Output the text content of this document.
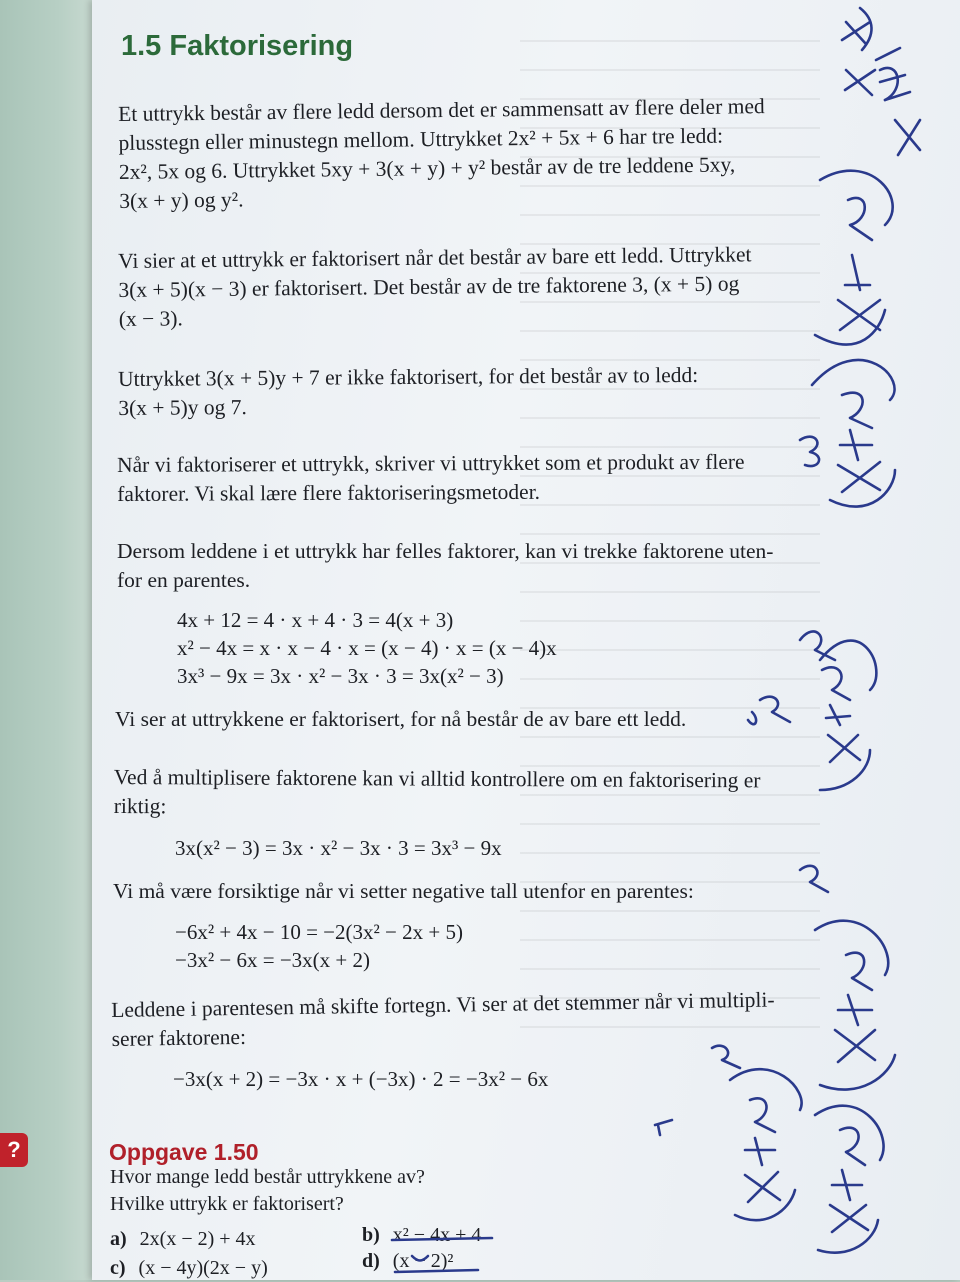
?
1.5 Faktorisering
Et uttrykk består av flere ledd dersom det er sammensatt av flere deler med
plusstegn eller minustegn mellom. Uttrykket 2x² + 5x + 6 har tre ledd:
2x², 5x og 6. Uttrykket 5xy + 3(x + y) + y² består av de tre leddene 5xy,
3(x + y) og y².
Vi sier at et uttrykk er faktorisert når det består av bare ett ledd. Uttrykket
3(x + 5)(x − 3) er faktorisert. Det består av de tre faktorene 3, (x + 5) og
(x − 3).
Uttrykket 3(x + 5)y + 7 er ikke faktorisert, for det består av to ledd:
3(x + 5)y og 7.
Når vi faktoriserer et uttrykk, skriver vi uttrykket som et produkt av flere
faktorer. Vi skal lære flere faktoriseringsmetoder.
Dersom leddene i et uttrykk har felles faktorer, kan vi trekke faktorene uten-
for en parentes.
4x + 12 = 4 · x + 4 · 3 = 4(x + 3)
x² − 4x = x · x − 4 · x = (x − 4) · x = (x − 4)x
3x³ − 9x = 3x · x² − 3x · 3 = 3x(x² − 3)
Vi ser at uttrykkene er faktorisert, for nå består de av bare ett ledd.
Ved å multiplisere faktorene kan vi alltid kontrollere om en faktorisering er
riktig:
3x(x² − 3) = 3x · x² − 3x · 3 = 3x³ − 9x
Vi må være forsiktige når vi setter negative tall utenfor en parentes:
−6x² + 4x − 10 = −2(3x² − 2x + 5)
−3x² − 6x = −3x(x + 2)
Leddene i parentesen må skifte fortegn. Vi ser at det stemmer når vi multipli-
serer faktorene:
−3x(x + 2) = −3x · x + (−3x) · 2 = −3x² − 6x
Oppgave 1.50
Hvor mange ledd består uttrykkene av?
Hvilke uttrykk er faktorisert?
a) 2x(x − 2) + 4x	b) x² − 4x + 4
c) (x − 4y)(2x − y)	d) (x − 2)²
